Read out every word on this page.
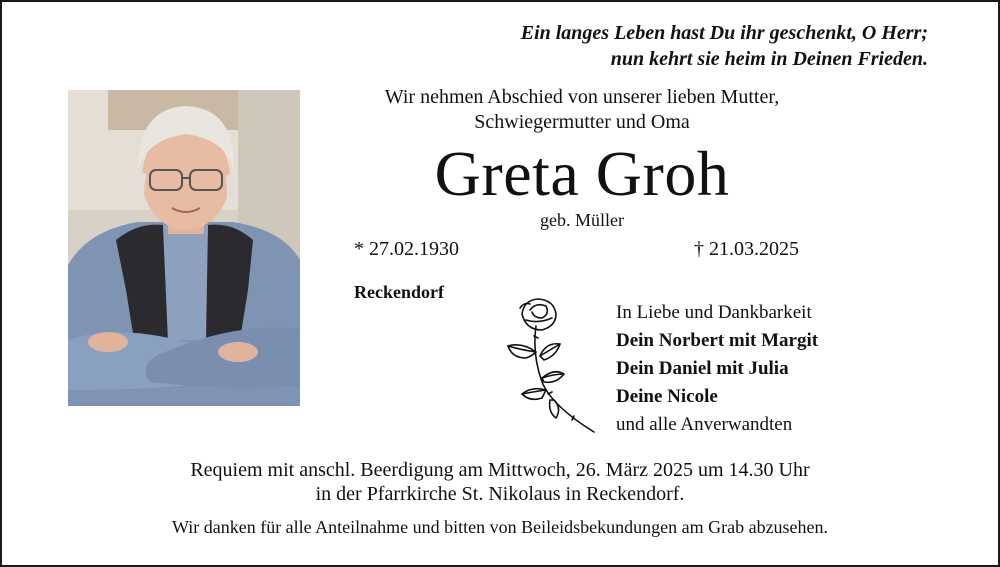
Ein langes Leben hast Du ihr geschenkt, O Herr;
nun kehrt sie heim in Deinen Frieden.
Wir nehmen Abschied von unserer lieben Mutter,
Schwiegermutter und Oma
Greta Groh
geb. Müller
* 27.02.1930	† 21.03.2025
Reckendorf
In Liebe und Dankbarkeit
Dein Norbert mit Margit
Dein Daniel mit Julia
Deine Nicole
und alle Anverwandten
Requiem mit anschl. Beerdigung am Mittwoch, 26. März 2025 um 14.30 Uhr
in der Pfarrkirche St. Nikolaus in Reckendorf.
Wir danken für alle Anteilnahme und bitten von Beileidsbekundungen am Grab abzusehen.
